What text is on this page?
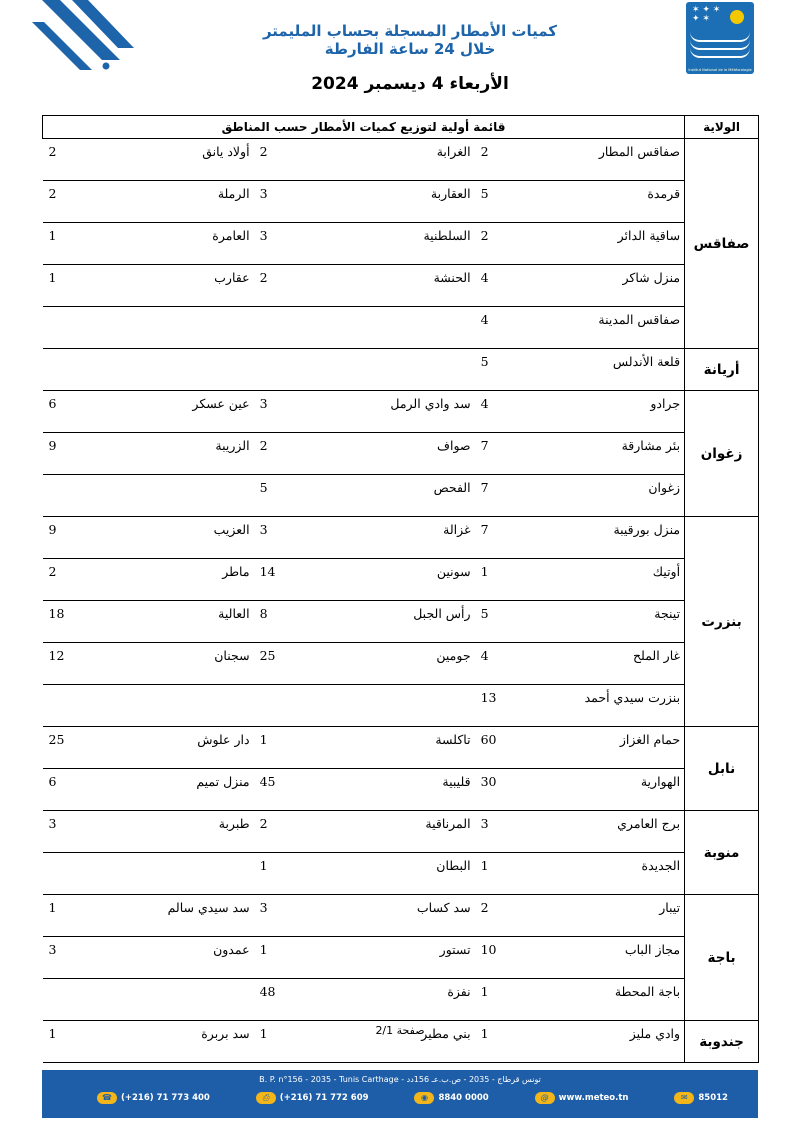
✶ ✦ ✶
✦ ✶
Institut National de la Météorologie
كميات الأمطار المسجلة بحساب المليمتر
خلال 24 ساعة الفارطة
الأربعاء 4 ديسمبر 2024
الولاية	قائمة أولية لتوزيع كميات الأمطار حسب المناطق					
صفاقس	صفاقس المطار	2	الغرابة	2	أولاد يانق	2
	قرمدة	5	العقاربة	3	الرملة	2
	ساقية الدائر	2	السلطنية	3	العامرة	1
	منزل شاكر	4	الحنشة	2	عقارب	1
	صفاقس المدينة	4				
أريانة	قلعة الأندلس	5				
زغوان	جرادو	4	سد وادي الرمل	3	عين عسكر	6
	بئر مشارقة	7	صواف	2	الزريبة	9
	زغوان	7	الفحص	5		
بنزرت	منزل بورقيبة	7	غزالة	3	العزيب	9
	أوتيك	1	سونين	14	ماطر	2
	تينجة	5	رأس الجبل	8	العالية	18
	غار الملح	4	جومين	25	سجنان	12
	بنزرت سيدي أحمد	13				
نابل	حمام الغزاز	60	تاكلسة	1	دار علوش	25
	الهوارية	30	قليبية	45	منزل تميم	6
منوبة	برج العامري	3	المرناقية	2	طبربة	3
	الجديدة	1	البطان	1		
باجة	تيبار	2	سد كساب	3	سد سيدي سالم	1
	مجاز الباب	10	تستور	1	عمدون	3
	باجة المحطة	1	نفزة	48		
جندوبة	وادي مليز	1	بني مطير	1	سد بربرة	1	صفحة 2/1
B. P. n°156 - 2035 - Tunis Carthage - تونس قرطاج - 2035 - ص.ب.عـ 156دد
☎	(+216) 71 773 400	⎙	(+216) 71 772 609	◉	8840 0000	@	www.meteo.tn	✉	85012
